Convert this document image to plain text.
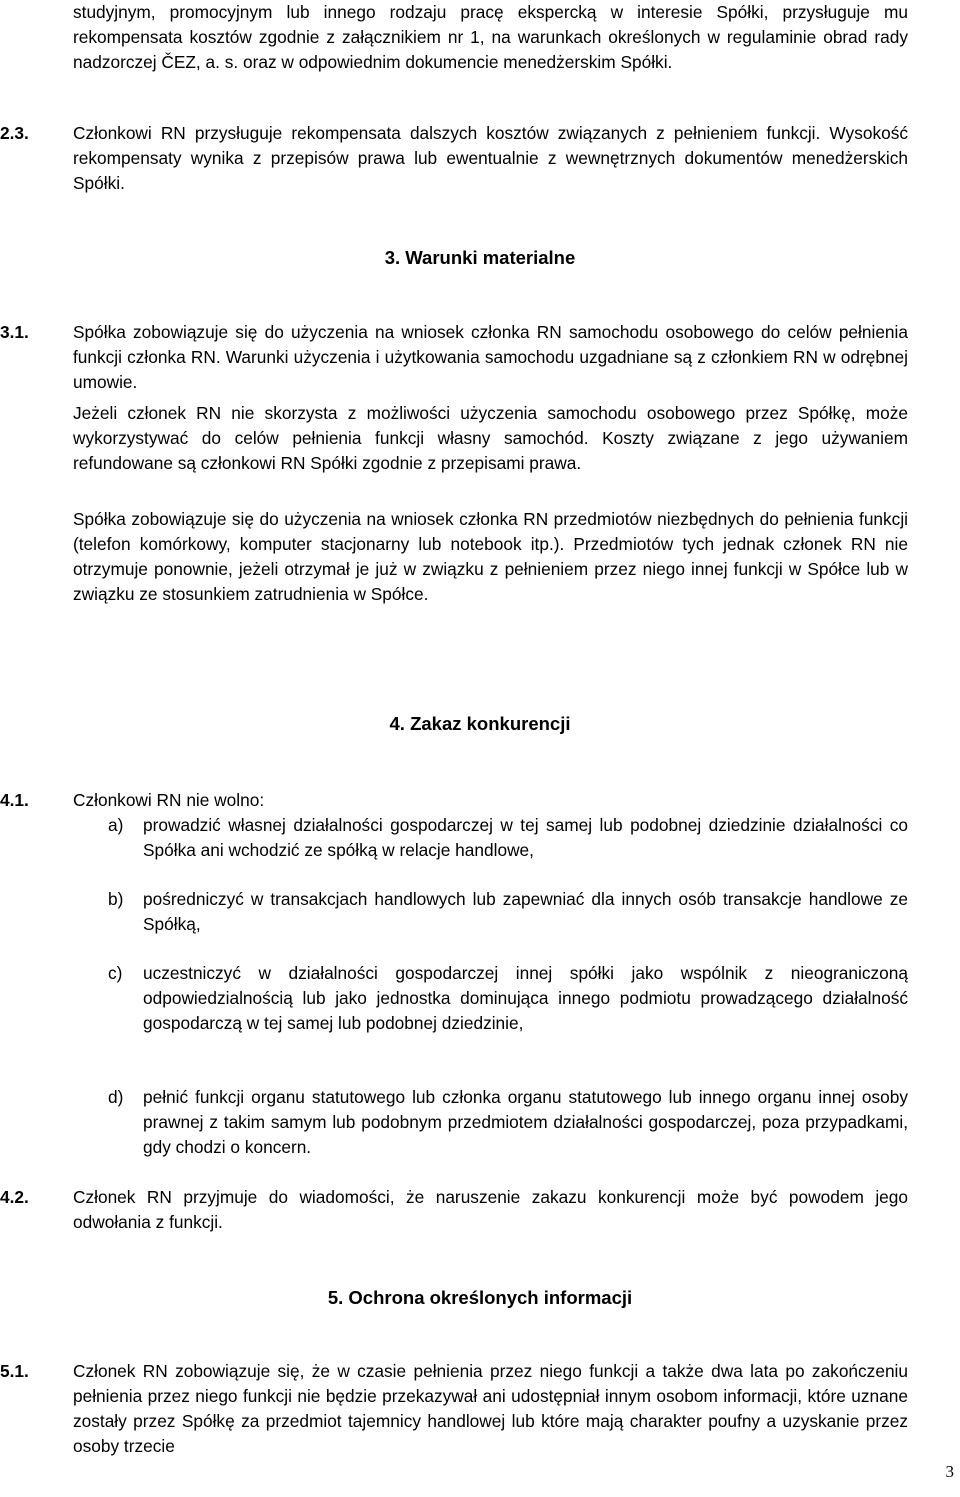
studyjnym, promocyjnym lub innego rodzaju pracę ekspercką w interesie Spółki, przysługuje mu rekompensata kosztów zgodnie z załącznikiem nr 1, na warunkach określonych w regulaminie obrad rady nadzorczej ČEZ, a. s. oraz w odpowiednim dokumencie menedżerskim Spółki.

2.3.	Członkowi RN przysługuje rekompensata dalszych kosztów związanych z pełnieniem funkcji. Wysokość rekompensaty wynika z przepisów prawa lub ewentualnie z wewnętrznych dokumentów menedżerskich Spółki.

3. Warunki materialne

3.1.	Spółka zobowiązuje się do użyczenia na wniosek członka RN samochodu osobowego do celów pełnienia funkcji członka RN. Warunki użyczenia i użytkowania samochodu uzgadniane są z członkiem RN w odrębnej umowie.

Jeżeli członek RN nie skorzysta z możliwości użyczenia samochodu osobowego przez Spółkę, może wykorzystywać do celów pełnienia funkcji własny samochód. Koszty związane z jego używaniem refundowane są członkowi RN Spółki zgodnie z przepisami prawa.

Spółka zobowiązuje się do użyczenia na wniosek członka RN przedmiotów niezbędnych do pełnienia funkcji (telefon komórkowy, komputer stacjonarny lub notebook itp.). Przedmiotów tych jednak członek RN nie otrzymuje ponownie, jeżeli otrzymał je już w związku z pełnieniem przez niego innej funkcji w Spółce lub w związku ze stosunkiem zatrudnienia w Spółce.

4. Zakaz konkurencji

4.1.	Członkowi RN nie wolno:

a) prowadzić własnej działalności gospodarczej w tej samej lub podobnej dziedzinie działalności co Spółka ani wchodzić ze spółką w relacje handlowe,

b) pośredniczyć w transakcjach handlowych lub zapewniać dla innych osób transakcje handlowe ze Spółką,

c) uczestniczyć w działalności gospodarczej innej spółki jako wspólnik z nieograniczoną odpowiedzialnością lub jako jednostka dominująca innego podmiotu prowadzącego działalność gospodarczą w tej samej lub podobnej dziedzinie,

d) pełnić funkcji organu statutowego lub członka organu statutowego lub innego organu innej osoby prawnej z takim samym lub podobnym przedmiotem działalności gospodarczej, poza przypadkami, gdy chodzi o koncern.

4.2.	Członek RN przyjmuje do wiadomości, że naruszenie zakazu konkurencji może być powodem jego odwołania z funkcji.

5. Ochrona określonych informacji

5.1.	Członek RN zobowiązuje się, że w czasie pełnienia przez niego funkcji a także dwa lata po zakończeniu pełnienia przez niego funkcji nie będzie przekazywał ani udostępniał innym osobom informacji, które uznane zostały przez Spółkę za przedmiot tajemnicy handlowej lub które mają charakter poufny a uzyskanie przez osoby trzecie

3
